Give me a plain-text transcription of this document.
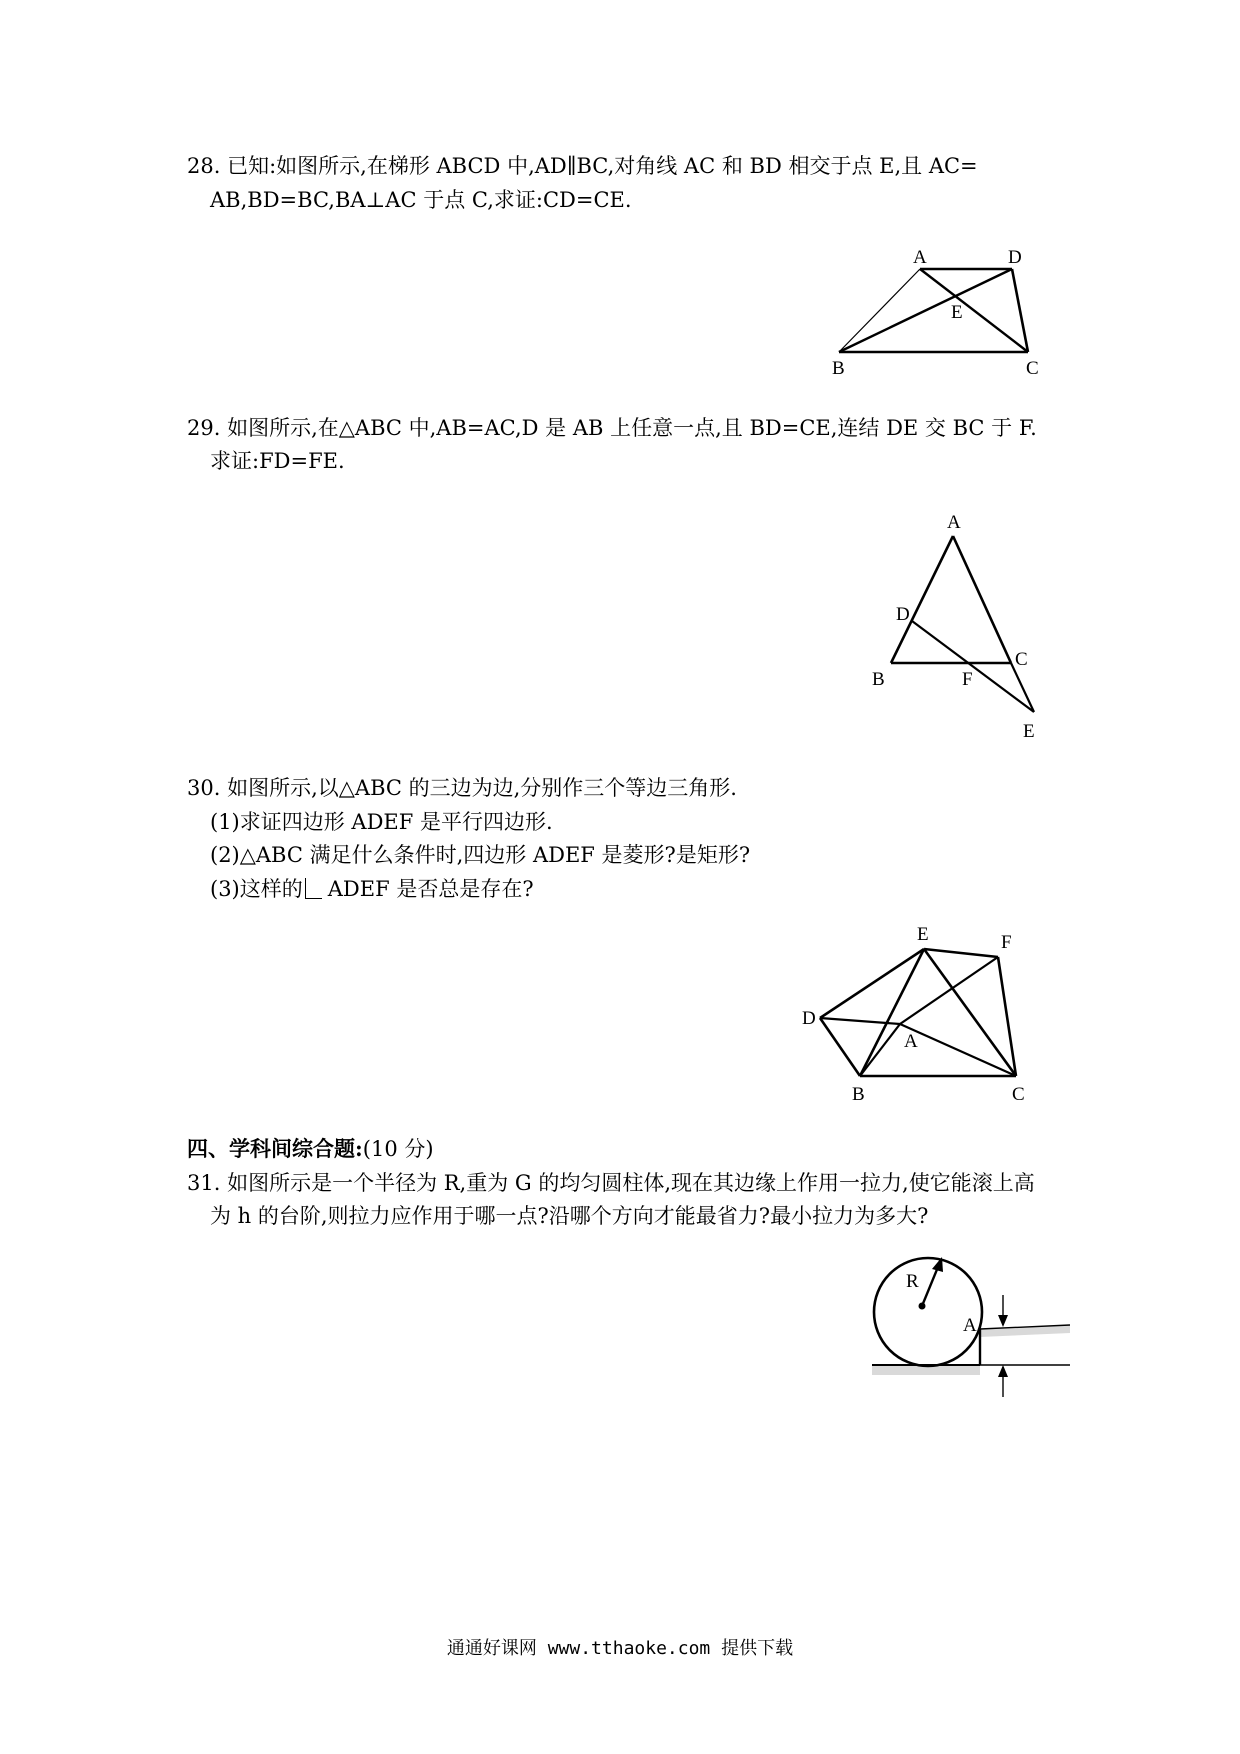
28. 已知:如图所示,在梯形 ABCD 中,AD∥BC,对角线 AC 和 BD 相交于点 E,且 AC=
AB,BD=BC,BA⊥AC 于点 C,求证:CD=CE.
A	D
E
B	C
29. 如图所示,在△ABC 中,AB=AC,D 是 AB 上任意一点,且 BD=CE,连结 DE 交 BC 于 F.
求证:FD=FE.
A
D
B	F
C
E
30. 如图所示,以△ABC 的三边为边,分别作三个等边三角形.
(1)求证四边形 ADEF 是平行四边形.
(2)△ABC 满足什么条件时,四边形 ADEF 是菱形?是矩形?
(3)这样的 ADEF 是否总是存在?
E	F
D
A
B	C
四、学科间综合题:(10 分)
31. 如图所示是一个半径为 R,重为 G 的均匀圆柱体,现在其边缘上作用一拉力,使它能滚上高
为 h 的台阶,则拉力应作用于哪一点?沿哪个方向才能最省力?最小拉力为多大?
R
A
通通好课网 www.tthaoke.com 提供下载
